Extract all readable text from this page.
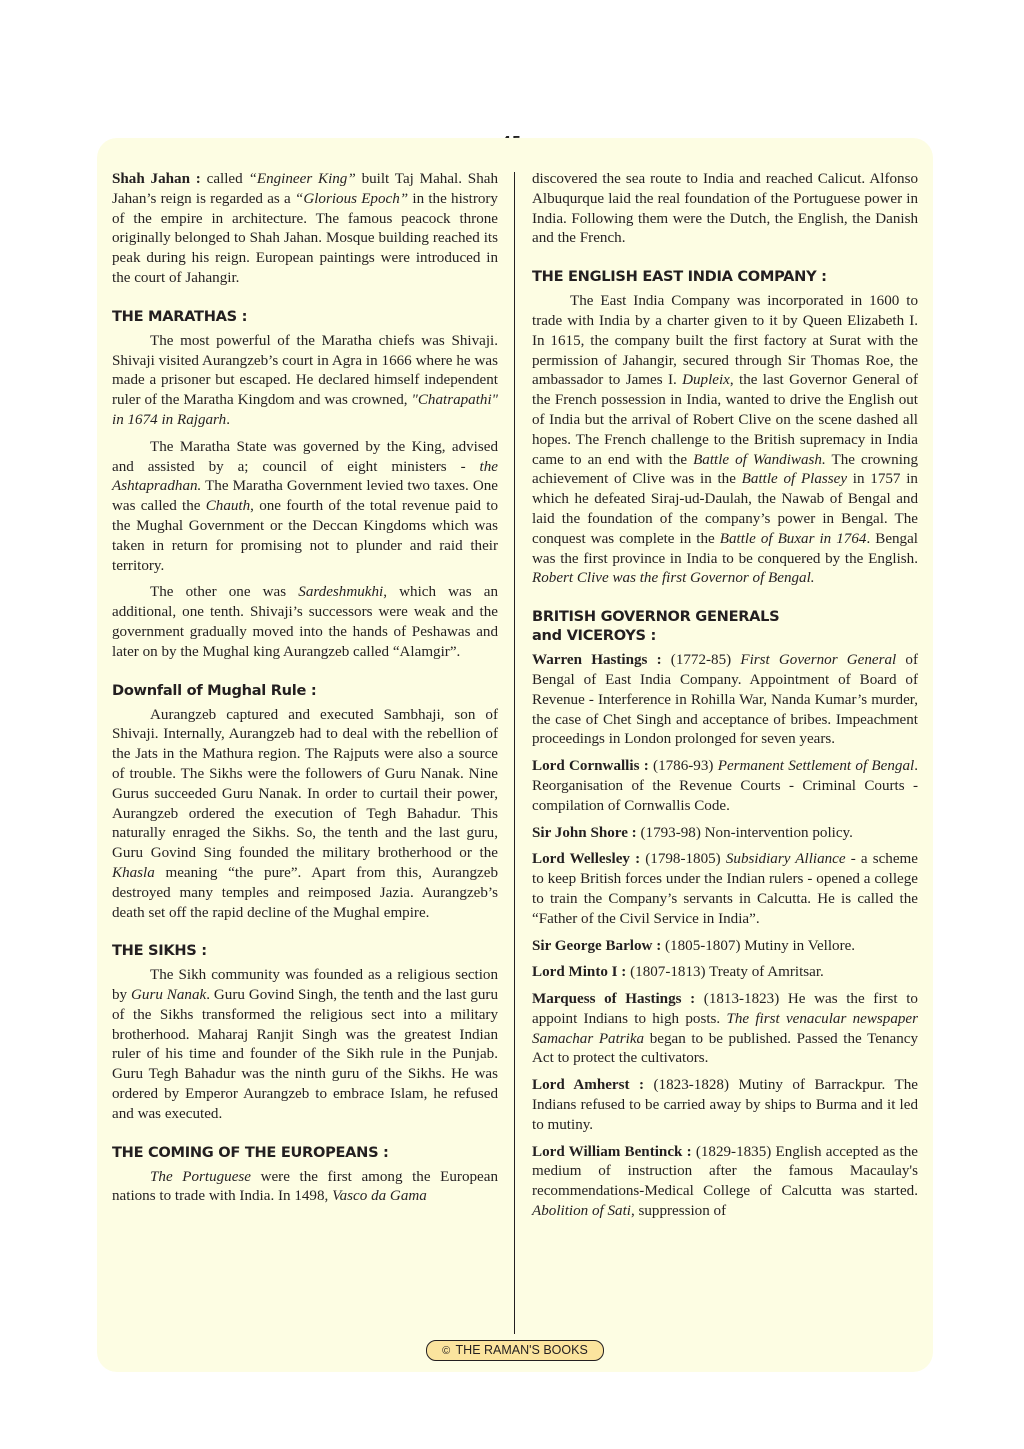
Shah Jahan : called “Engineer King” built Taj Mahal. Shah Jahan’s reign is regarded as a “Glorious Epoch” in the histrory of the empire in architecture. The famous peacock throne originally belonged to Shah Jahan. Mosque building reached its peak during his reign. European paintings were introduced in the court of Jahangir.

THE MARATHAS :

The most powerful of the Maratha chiefs was Shivaji. Shivaji visited Aurangzeb’s court in Agra in 1666 where he was made a prisoner but escaped. He declared himself independent ruler of the Maratha Kingdom and was crowned, "Chatrapathi" in 1674 in Rajgarh.

The Maratha State was governed by the King, advised and assisted by a; council of eight ministers - the Ashtapradhan. The Maratha Government levied two taxes. One was called the Chauth, one fourth of the total revenue paid to the Mughal Government or the Deccan Kingdoms which was taken in return for promising not to plunder and raid their territory.

The other one was Sardeshmukhi, which was an additional, one tenth. Shivaji’s successors were weak and the government gradually moved into the hands of Peshawas and later on by the Mughal king Aurangzeb called “Alamgir”.

Downfall of Mughal Rule :

Aurangzeb captured and executed Sambhaji, son of Shivaji. Internally, Aurangzeb had to deal with the rebellion of the Jats in the Mathura region. The Rajputs were also a source of trouble. The Sikhs were the followers of Guru Nanak. Nine Gurus succeeded Guru Nanak. In order to curtail their power, Aurangzeb ordered the execution of Tegh Bahadur. This naturally enraged the Sikhs. So, the tenth and the last guru, Guru Govind Sing founded the military brotherhood or the Khasla meaning “the pure”. Apart from this, Aurangzeb destroyed many temples and reimposed Jazia. Aurangzeb’s death set off the rapid decline of the Mughal empire.

THE SIKHS :

The Sikh community was founded as a religious section by Guru Nanak. Guru Govind Singh, the tenth and the last guru of the Sikhs transformed the religious sect into a military brotherhood. Maharaj Ranjit Singh was the greatest Indian ruler of his time and founder of the Sikh rule in the Punjab. Guru Tegh Bahadur was the ninth guru of the Sikhs. He was ordered by Emperor Aurangzeb to embrace Islam, he refused and was executed.

THE COMING OF THE EUROPEANS :

The Portuguese were the first among the European nations to trade with India. In 1498, Vasco da Gama

discovered the sea route to India and reached Calicut. Alfonso Albuqurque laid the real foundation of the Portuguese power in India. Following them were the Dutch, the English, the Danish and the French.

THE ENGLISH EAST INDIA COMPANY :

The East India Company was incorporated in 1600 to trade with India by a charter given to it by Queen Elizabeth I. In 1615, the company built the first factory at Surat with the permission of Jahangir, secured through Sir Thomas Roe, the ambassador to James I. Dupleix, the last Governor General of the French possession in India, wanted to drive the English out of India but the arrival of Robert Clive on the scene dashed all hopes. The French challenge to the British supremacy in India came to an end with the Battle of Wandiwash. The crowning achievement of Clive was in the Battle of Plassey in 1757 in which he defeated Siraj-ud-Daulah, the Nawab of Bengal and laid the foundation of the company’s power in Bengal. The conquest was complete in the Battle of Buxar in 1764. Bengal was the first province in India to be conquered by the English. Robert Clive was the first Governor of Bengal.

BRITISH GOVERNOR GENERALS
and VICEROYS :

Warren Hastings : (1772-85) First Governor General of Bengal of East India Company. Appointment of Board of Revenue - Interference in Rohilla War, Nanda Kumar’s murder, the case of Chet Singh and acceptance of bribes. Impeachment proceedings in London prolonged for seven years.

Lord Cornwallis : (1786-93) Permanent Settlement of Bengal. Reorganisation of the Revenue Courts - Criminal Courts - compilation of Cornwallis Code.

Sir John Shore : (1793-98) Non-intervention policy.

Lord Wellesley : (1798-1805) Subsidiary Alliance - a scheme to keep British forces under the Indian rulers - opened a college to train the Company’s servants in Calcutta. He is called the “Father of the Civil Service in India”.

Sir George Barlow : (1805-1807) Mutiny in Vellore.

Lord Minto I : (1807-1813) Treaty of Amritsar.

Marquess of Hastings : (1813-1823) He was the first to appoint Indians to high posts. The first venacular newspaper Samachar Patrika began to be published. Passed the Tenancy Act to protect the cultivators.

Lord Amherst : (1823-1828) Mutiny of Barrackpur. The Indians refused to be carried away by ships to Burma and it led to mutiny.

Lord William Bentinck : (1829-1835) English accepted as the medium of instruction after the famous Macaulay's recommendations-Medical College of Calcutta was started. Abolition of Sati, suppression of

© THE RAMAN'S BOOKS
